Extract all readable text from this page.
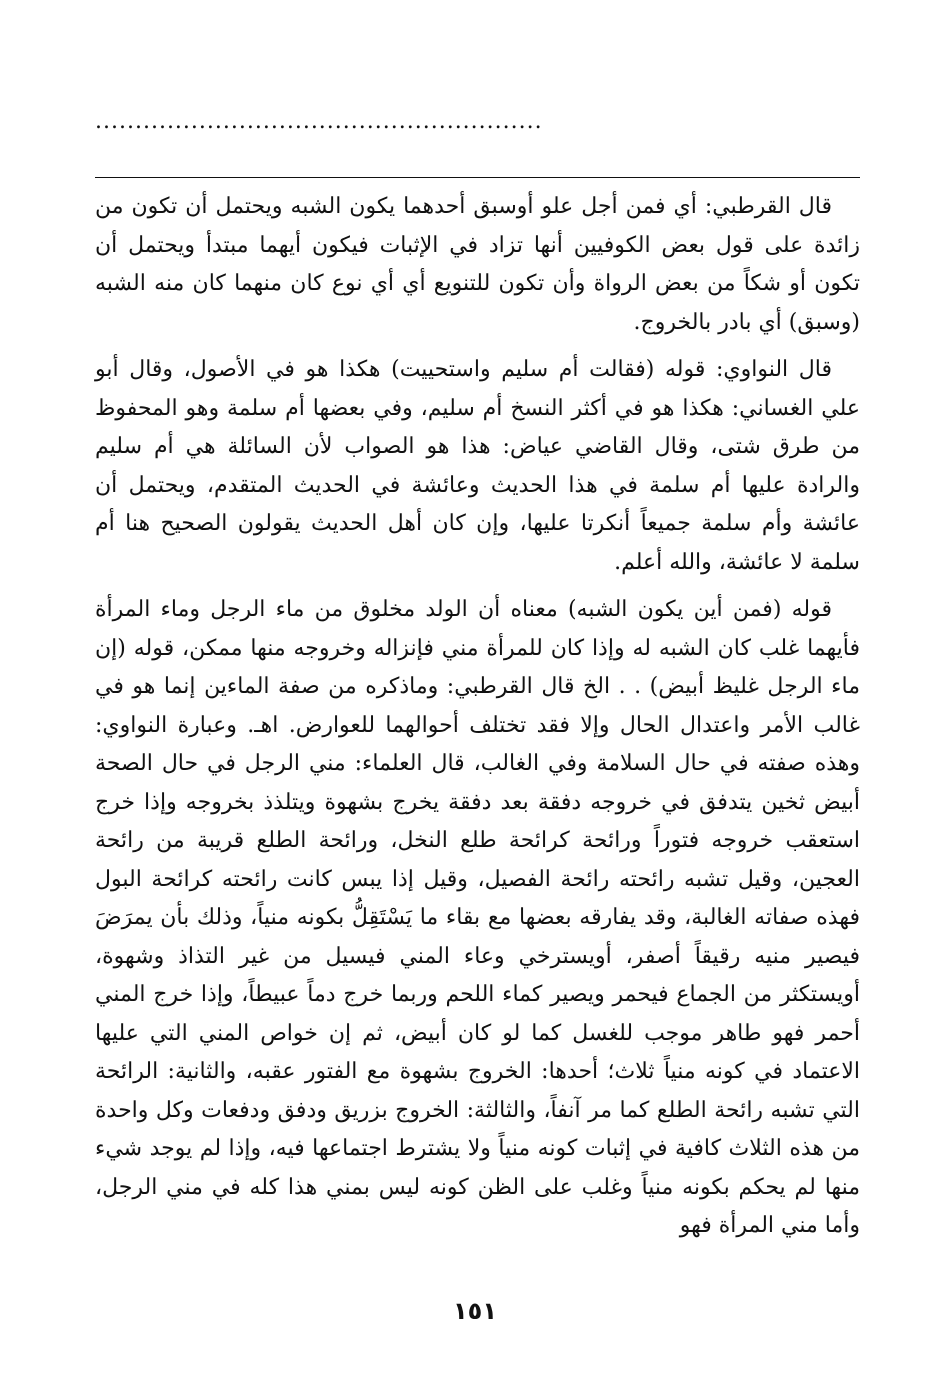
........................................................

قال القرطبي: أي فمن أجل علو أوسبق أحدهما يكون الشبه ويحتمل أن تكون من زائدة على قول بعض الكوفيين أنها تزاد في الإثبات فيكون أيهما مبتدأ ويحتمل أن تكون أو شكاً من بعض الرواة وأن تكون للتنويع أي أي نوع كان منهما كان منه الشبه (وسبق) أي بادر بالخروج.

قال النواوي: قوله (فقالت أم سليم واستحييت) هكذا هو في الأصول، وقال أبو علي الغساني: هكذا هو في أكثر النسخ أم سليم، وفي بعضها أم سلمة وهو المحفوظ من طرق شتى، وقال القاضي عياض: هذا هو الصواب لأن السائلة هي أم سليم والرادة عليها أم سلمة في هذا الحديث وعائشة في الحديث المتقدم، ويحتمل أن عائشة وأم سلمة جميعاً أنكرتا عليها، وإن كان أهل الحديث يقولون الصحيح هنا أم سلمة لا عائشة، والله أعلم.

قوله (فمن أين يكون الشبه) معناه أن الولد مخلوق من ماء الرجل وماء المرأة فأيهما غلب كان الشبه له وإذا كان للمرأة مني فإنزاله وخروجه منها ممكن، قوله (إن ماء الرجل غليظ أبيض) . . الخ قال القرطبي: وماذكره من صفة الماءين إنما هو في غالب الأمر واعتدال الحال وإلا فقد تختلف أحوالهما للعوارض. اهـ. وعبارة النواوي: وهذه صفته في حال السلامة وفي الغالب، قال العلماء: مني الرجل في حال الصحة أبيض ثخين يتدفق في خروجه دفقة بعد دفقة يخرج بشهوة ويتلذذ بخروجه وإذا خرج استعقب خروجه فتوراً ورائحة كرائحة طلع النخل، ورائحة الطلع قريبة من رائحة العجين، وقيل تشبه رائحته رائحة الفصيل، وقيل إذا يبس كانت رائحته كرائحة البول فهذه صفاته الغالبة، وقد يفارقه بعضها مع بقاء ما يَسْتَقِلُّ بكونه منياً، وذلك بأن يمرَضَ فيصير منيه رقيقاً أصفر، أويسترخي وعاء المني فيسيل من غير التذاذ وشهوة، أويستكثر من الجماع فيحمر ويصير كماء اللحم وربما خرج دماً عبيطاً، وإذا خرج المني أحمر فهو طاهر موجب للغسل كما لو كان أبيض، ثم إن خواص المني التي عليها الاعتماد في كونه منياً ثلاث؛ أحدها: الخروج بشهوة مع الفتور عقبه، والثانية: الرائحة التي تشبه رائحة الطلع كما مر آنفاً، والثالثة: الخروج بزريق ودفق ودفعات وكل واحدة من هذه الثلاث كافية في إثبات كونه منياً ولا يشترط اجتماعها فيه، وإذا لم يوجد شيء منها لم يحكم بكونه منياً وغلب على الظن كونه ليس بمني هذا كله في مني الرجل، وأما مني المرأة فهو

١٥١
